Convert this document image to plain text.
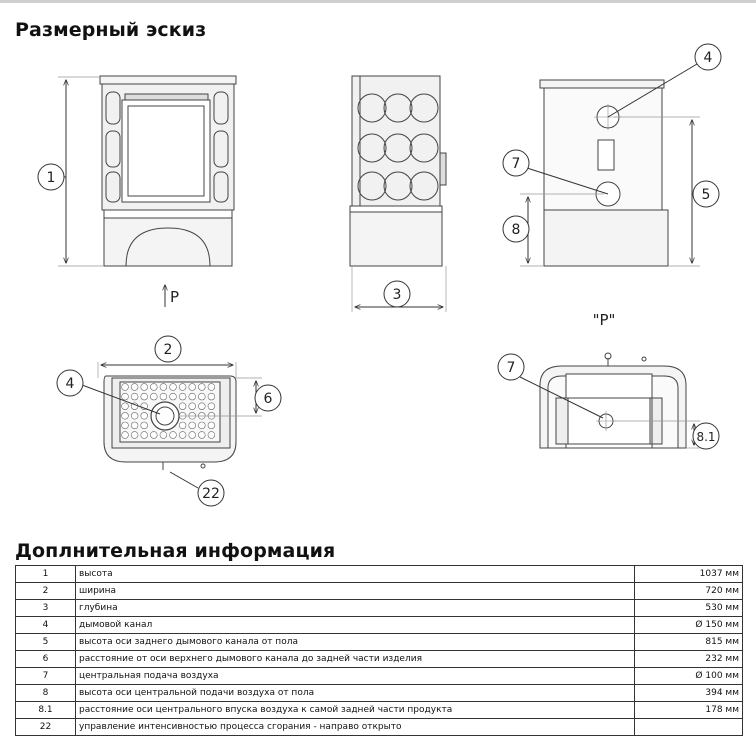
Размерный эскиз
P
"P"
1
2
3
4
5
6
7
8
8.1
22
4
7
Доплнительная информация
1	высота	1037 мм
2	ширина	720 мм
3	глубина	530 мм
4	дымовой канал	Ø 150 мм
5	высота оси заднего дымового канала от пола	815 мм
6	расстояние от оси верхнего дымового канала до задней части изделия	232 мм
7	центральная подача воздуха	Ø 100 мм
8	высота оси центральной подачи воздуха от пола	394 мм
8.1	расстояние оси центрального впуска воздуха к самой задней части продукта	178 мм
22	управление интенсивностью процесса сгорания - направо открыто	
